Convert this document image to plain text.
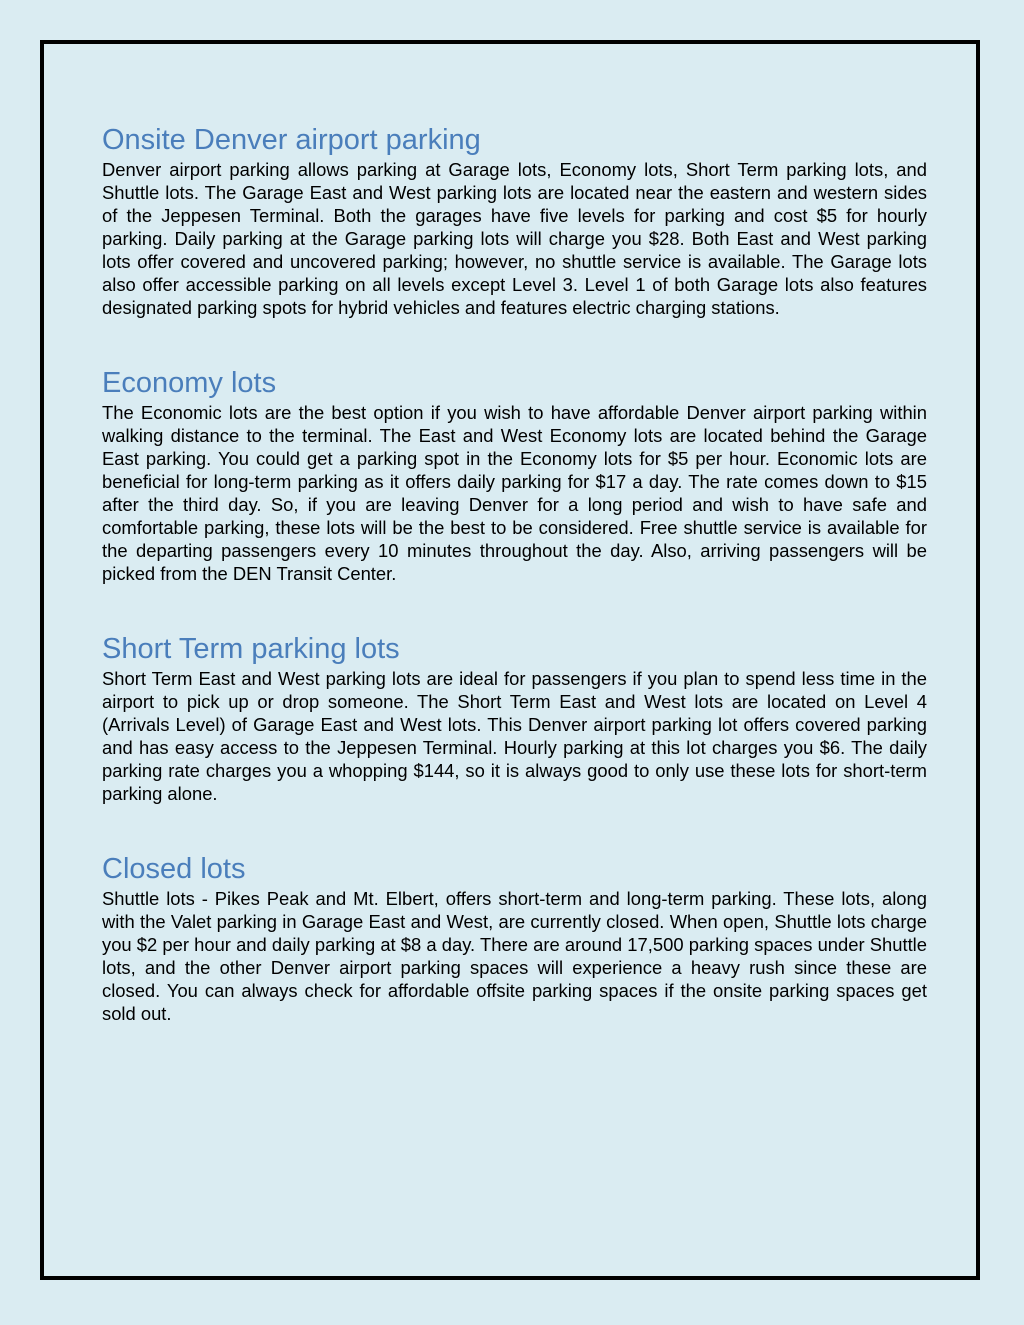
Onsite Denver airport parking

Denver airport parking allows parking at Garage lots, Economy lots, Short Term parking lots, and Shuttle lots. The Garage East and West parking lots are located near the eastern and western sides of the Jeppesen Terminal. Both the garages have five levels for parking and cost $5 for hourly parking. Daily parking at the Garage parking lots will charge you $28. Both East and West parking lots offer covered and uncovered parking; however, no shuttle service is available. The Garage lots also offer accessible parking on all levels except Level 3. Level 1 of both Garage lots also features designated parking spots for hybrid vehicles and features electric charging stations.

Economy lots

The Economic lots are the best option if you wish to have affordable Denver airport parking within walking distance to the terminal. The East and West Economy lots are located behind the Garage East parking. You could get a parking spot in the Economy lots for $5 per hour. Economic lots are beneficial for long-term parking as it offers daily parking for $17 a day. The rate comes down to $15 after the third day. So, if you are leaving Denver for a long period and wish to have safe and comfortable parking, these lots will be the best to be considered. Free shuttle service is available for the departing passengers every 10 minutes throughout the day. Also, arriving passengers will be picked from the DEN Transit Center.

Short Term parking lots

Short Term East and West parking lots are ideal for passengers if you plan to spend less time in the airport to pick up or drop someone. The Short Term East and West lots are located on Level 4 (Arrivals Level) of Garage East and West lots. This Denver airport parking lot offers covered parking and has easy access to the Jeppesen Terminal. Hourly parking at this lot charges you $6. The daily parking rate charges you a whopping $144, so it is always good to only use these lots for short-term parking alone.

Closed lots

Shuttle lots - Pikes Peak and Mt. Elbert, offers short-term and long-term parking. These lots, along with the Valet parking in Garage East and West, are currently closed. When open, Shuttle lots charge you $2 per hour and daily parking at $8 a day. There are around 17,500 parking spaces under Shuttle lots, and the other Denver airport parking spaces will experience a heavy rush since these are closed. You can always check for affordable offsite parking spaces if the onsite parking spaces get sold out.
